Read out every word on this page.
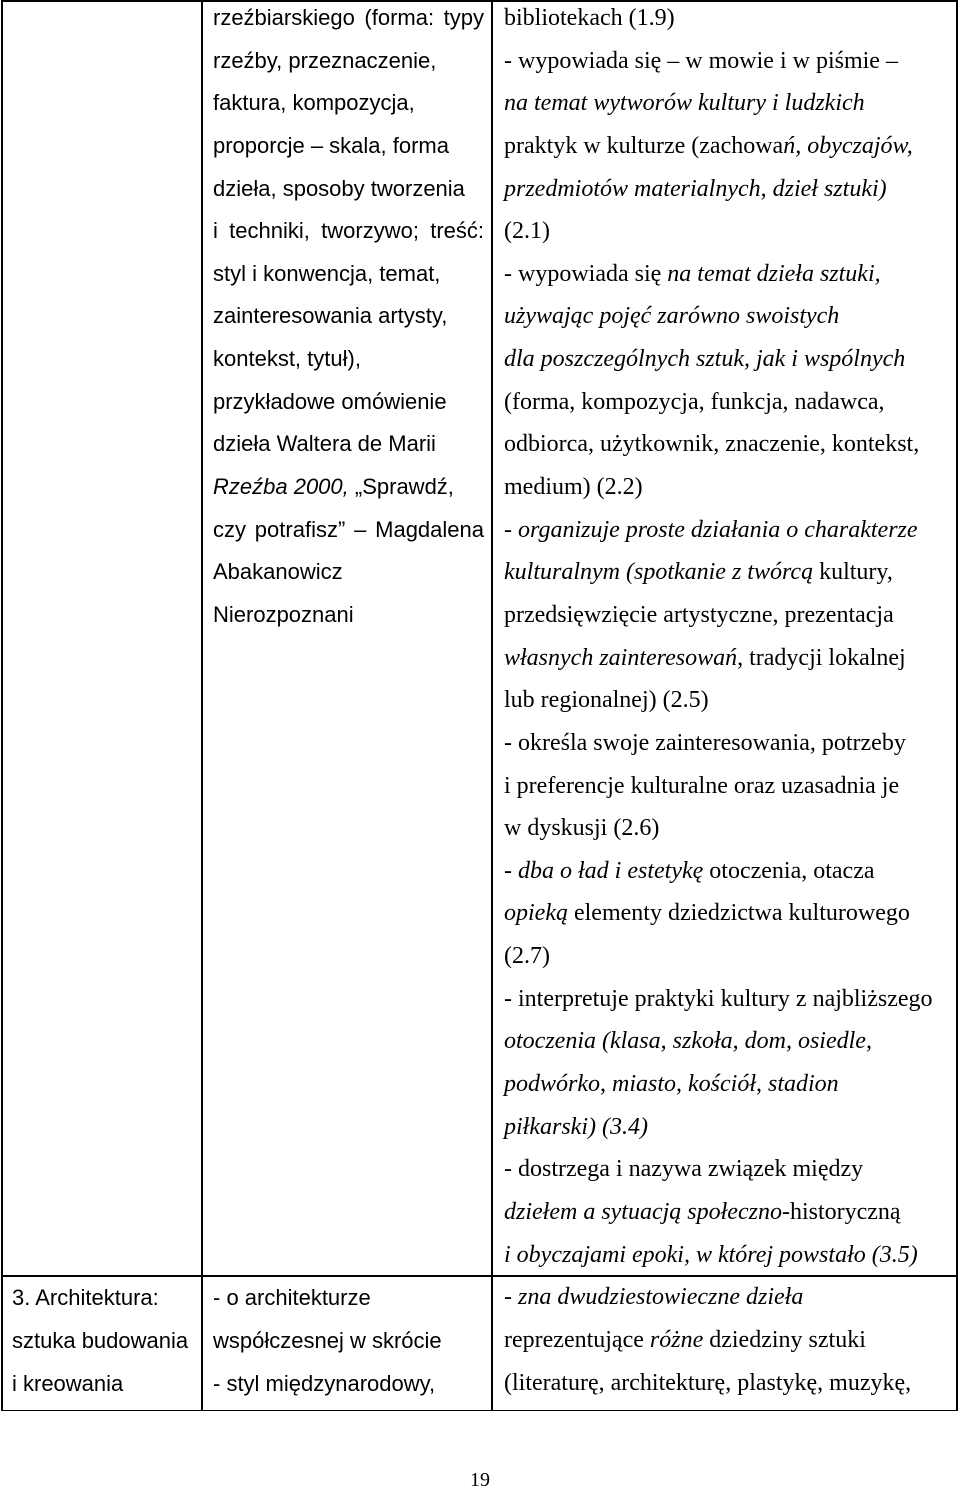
rzeźbiarskiego (forma: typy
rzeźby, przeznaczenie,
faktura, kompozycja,
proporcje – skala, forma
dzieła, sposoby tworzenia
i techniki, tworzywo; treść:
styl i konwencja, temat,
zainteresowania artysty,
kontekst, tytuł),
przykładowe omówienie
dzieła Waltera de Marii
Rzeźba 2000, „Sprawdź,
czy potrafisz” – Magdalena
Abakanowicz
Nierozpoznani
bibliotekach (1.9)
- wypowiada się – w mowie i w piśmie –
na temat wytworów kultury i ludzkich
praktyk w kulturze (zachowań, obyczajów,
przedmiotów materialnych, dzieł sztuki)
(2.1)
- wypowiada się na temat dzieła sztuki,
używając pojęć zarówno swoistych
dla poszczególnych sztuk, jak i wspólnych
(forma, kompozycja, funkcja, nadawca,
odbiorca, użytkownik, znaczenie, kontekst,
medium) (2.2)
- organizuje proste działania o charakterze
kulturalnym (spotkanie z twórcą kultury,
przedsięwzięcie artystyczne, prezentacja
własnych zainteresowań, tradycji lokalnej
lub regionalnej) (2.5)
- określa swoje zainteresowania, potrzeby
i preferencje kulturalne oraz uzasadnia je
w dyskusji (2.6)
- dba o ład i estetykę otoczenia, otacza
opieką elementy dziedzictwa kulturowego
(2.7)
- interpretuje praktyki kultury z najbliższego
otoczenia (klasa, szkoła, dom, osiedle,
podwórko, miasto, kościół, stadion
piłkarski) (3.4)
- dostrzega i nazywa związek między
dziełem a sytuacją społeczno-historyczną
i obyczajami epoki, w której powstało (3.5)
3. Architektura:
sztuka budowania
i kreowania
- o architekturze
współczesnej w skrócie
- styl międzynarodowy,
- zna dwudziestowieczne dzieła
reprezentujące różne dziedziny sztuki
(literaturę, architekturę, plastykę, muzykę,
19
